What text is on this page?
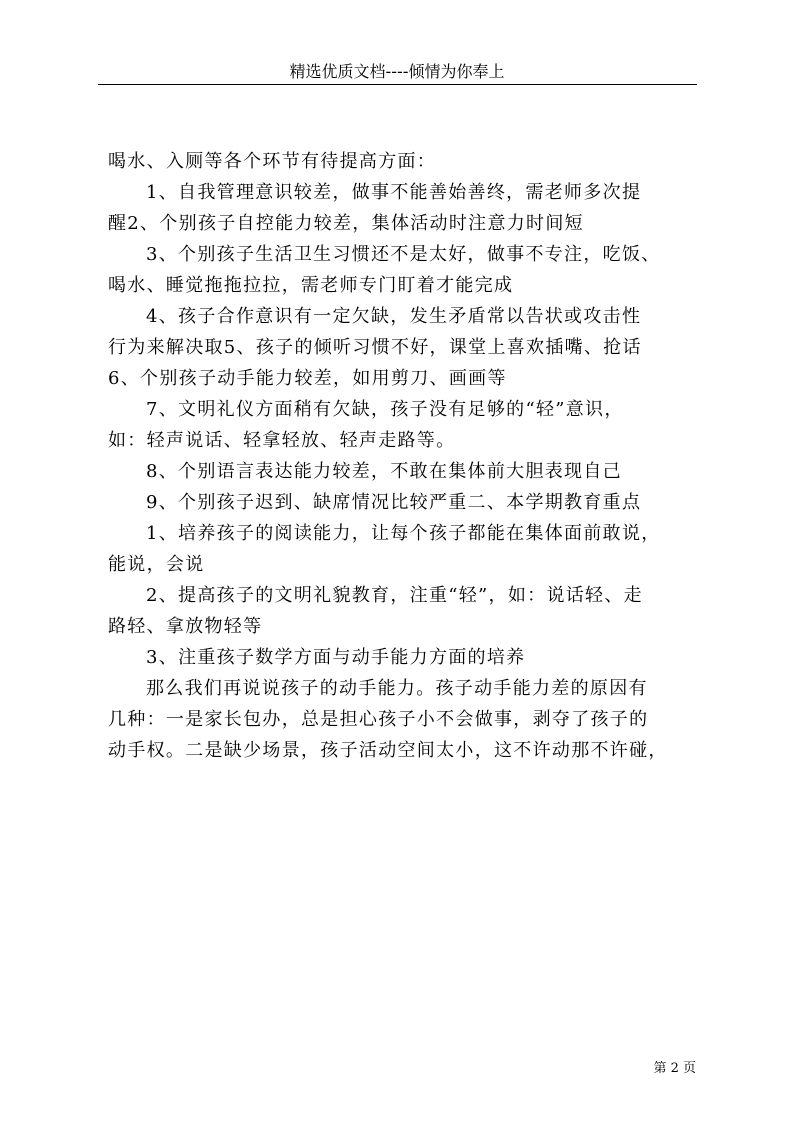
精选优质文档----倾情为你奉上
喝水、入厕等各个环节有待提高方面：
1、自我管理意识较差，做事不能善始善终，需老师多次提
醒2、个别孩子自控能力较差，集体活动时注意力时间短
3、个别孩子生活卫生习惯还不是太好，做事不专注，吃饭、
喝水、睡觉拖拖拉拉，需老师专门盯着才能完成
4、孩子合作意识有一定欠缺，发生矛盾常以告状或攻击性
行为来解决取5、孩子的倾听习惯不好，课堂上喜欢插嘴、抢话
6、个别孩子动手能力较差，如用剪刀、画画等
7、文明礼仪方面稍有欠缺，孩子没有足够的“轻”意识，
如：轻声说话、轻拿轻放、轻声走路等。
8、个别语言表达能力较差，不敢在集体前大胆表现自己
9、个别孩子迟到、缺席情况比较严重二、本学期教育重点
1、培养孩子的阅读能力，让每个孩子都能在集体面前敢说，
能说，会说
2、提高孩子的文明礼貌教育，注重“轻”，如：说话轻、走
路轻、拿放物轻等
3、注重孩子数学方面与动手能力方面的培养
那么我们再说说孩子的动手能力。孩子动手能力差的原因有
几种：一是家长包办，总是担心孩子小不会做事，剥夺了孩子的
动手权。二是缺少场景，孩子活动空间太小，这不许动那不许碰，
第 2 页
